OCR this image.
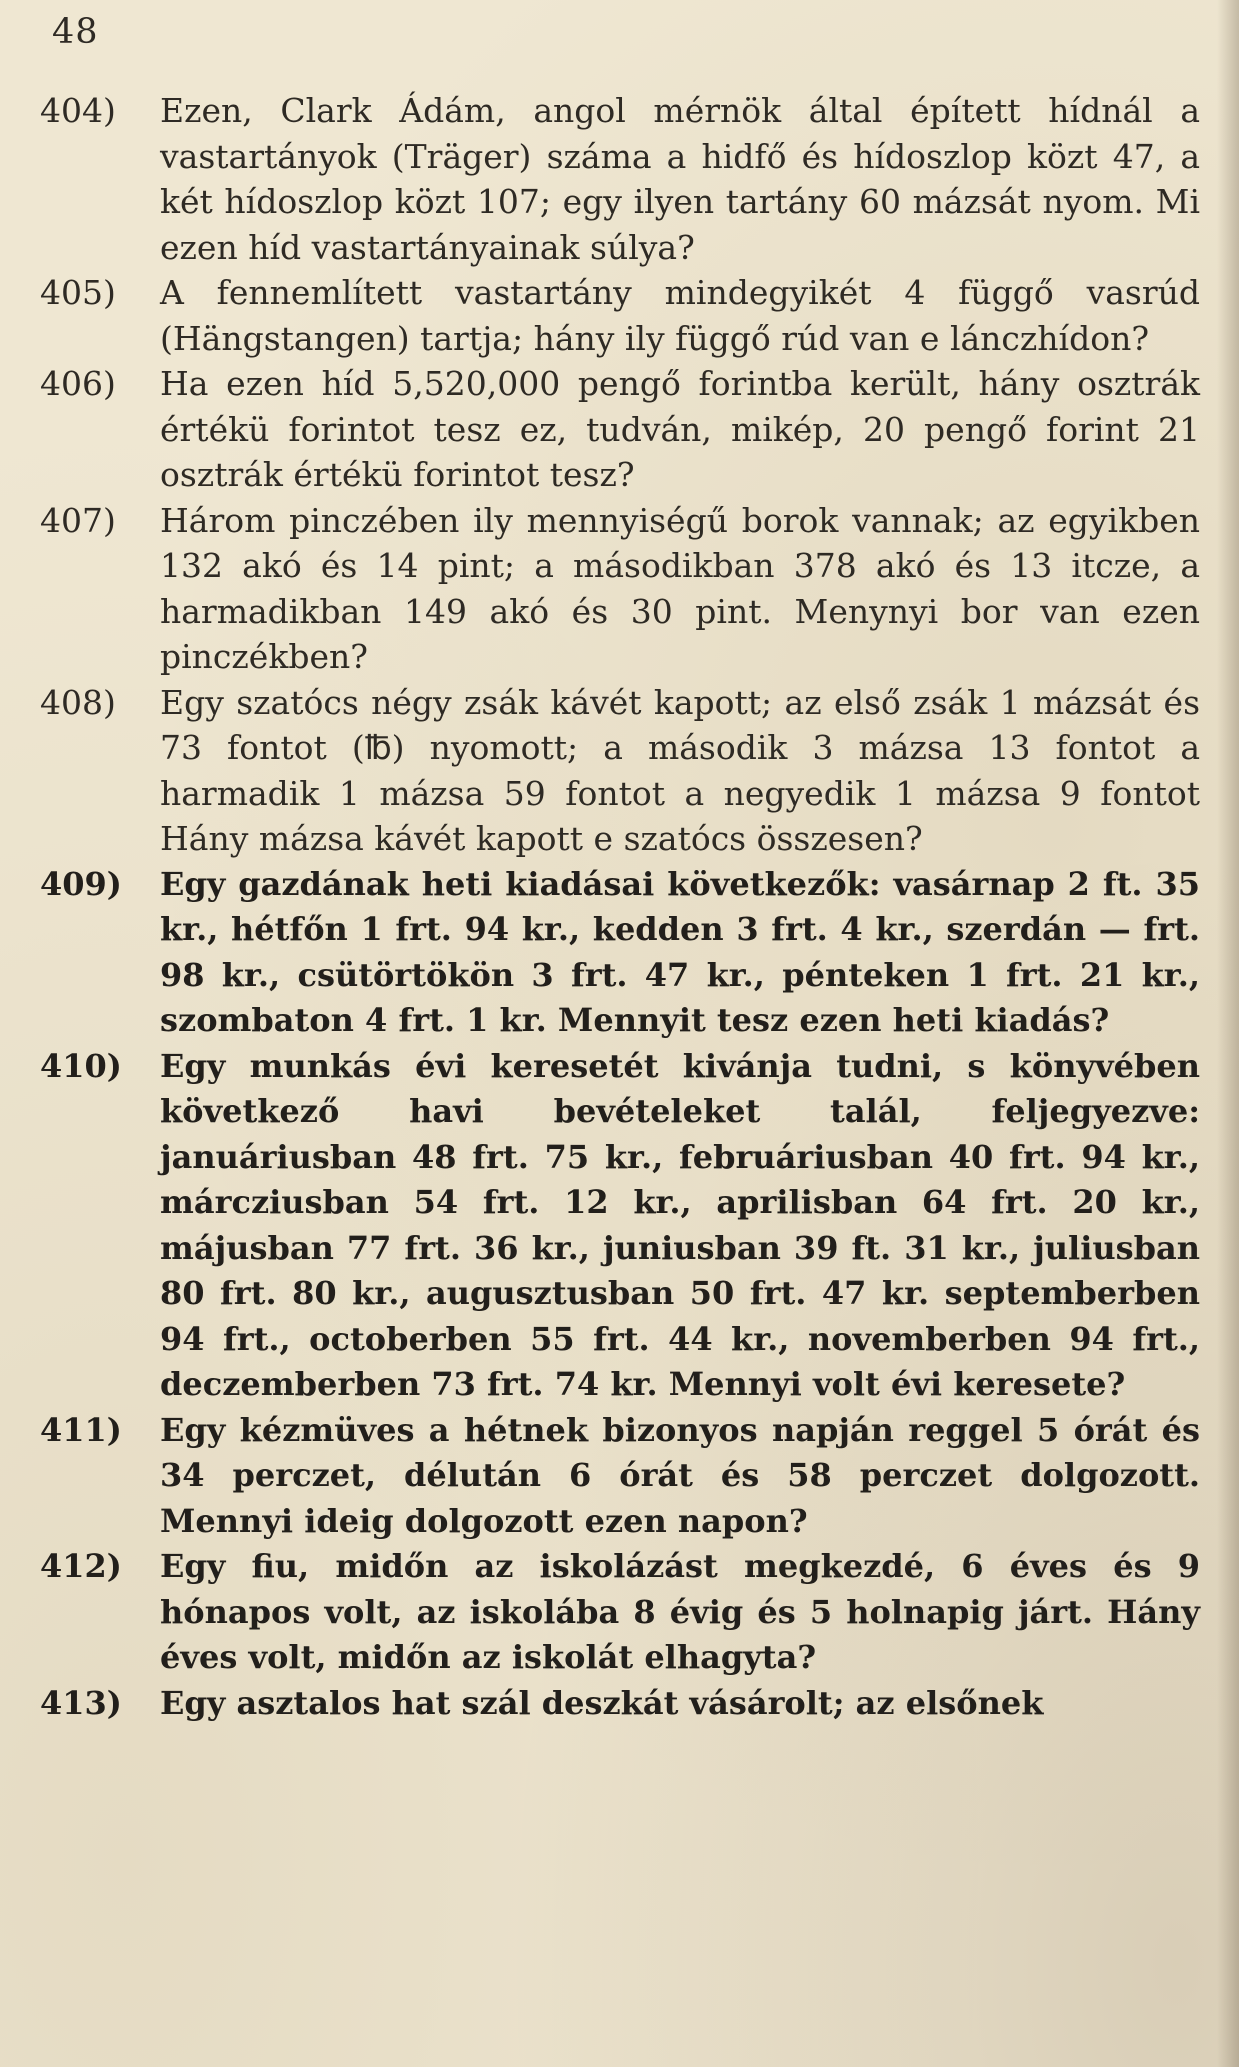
48
404)	Ezen, Clark Ádám, angol mérnök által épített hídnál a vastartányok (Träger) száma a hidfő és hídoszlop közt 47, a két hídoszlop közt 107; egy ilyen tartány 60 mázsát nyom. Mi ezen híd vastartányainak súlya?
405)	A fennemlített vastartány mindegyikét 4 függő vasrúd (Hängstangen) tartja; hány ily függő rúd van e lánczhídon?
406)	Ha ezen híd 5,520,000 pengő forintba került, hány osztrák értékü forintot tesz ez, tudván, mikép, 20 pengő forint 21 osztrák értékü forintot tesz?
407)	Három pinczében ily mennyiségű borok vannak; az egyikben 132 akó és 14 pint; a másodikban 378 akó és 13 itcze, a harmadikban 149 akó és 30 pint. Menynyi bor van ezen pinczékben?
408)	Egy szatócs négy zsák kávét kapott; az első zsák 1 mázsát és 73 fontot (℔) nyomott; a második 3 mázsa 13 fontot a harmadik 1 mázsa 59 fontot a negyedik 1 mázsa 9 fontot Hány mázsa kávét kapott e szatócs összesen?
409)	Egy gazdának heti kiadásai következők: vasárnap 2 ft. 35 kr., hétfőn 1 frt. 94 kr., kedden 3 frt. 4 kr., szerdán — frt. 98 kr., csütörtökön 3 frt. 47 kr., pénteken 1 frt. 21 kr., szombaton 4 frt. 1 kr. Mennyit tesz ezen heti kiadás?
410)	Egy munkás évi keresetét kivánja tudni, s könyvében következő havi bevételeket talál, feljegyezve: januáriusban 48 frt. 75 kr., februáriusban 40 frt. 94 kr., márcziusban 54 frt. 12 kr., aprilisban 64 frt. 20 kr., májusban 77 frt. 36 kr., juniusban 39 ft. 31 kr., juliusban 80 frt. 80 kr., augusztusban 50 frt. 47 kr. septemberben 94 frt., octoberben 55 frt. 44 kr., novemberben 94 frt., deczemberben 73 frt. 74 kr. Mennyi volt évi keresete?
411)	Egy kézmüves a hétnek bizonyos napján reggel 5 órát és 34 perczet, délután 6 órát és 58 perczet dolgozott. Mennyi ideig dolgozott ezen napon?
412)	Egy fiu, midőn az iskolázást megkezdé, 6 éves és 9 hónapos volt, az iskolába 8 évig és 5 holnapig járt. Hány éves volt, midőn az iskolát elhagyta?
413)	Egy asztalos hat szál deszkát vásárolt; az elsőnek
